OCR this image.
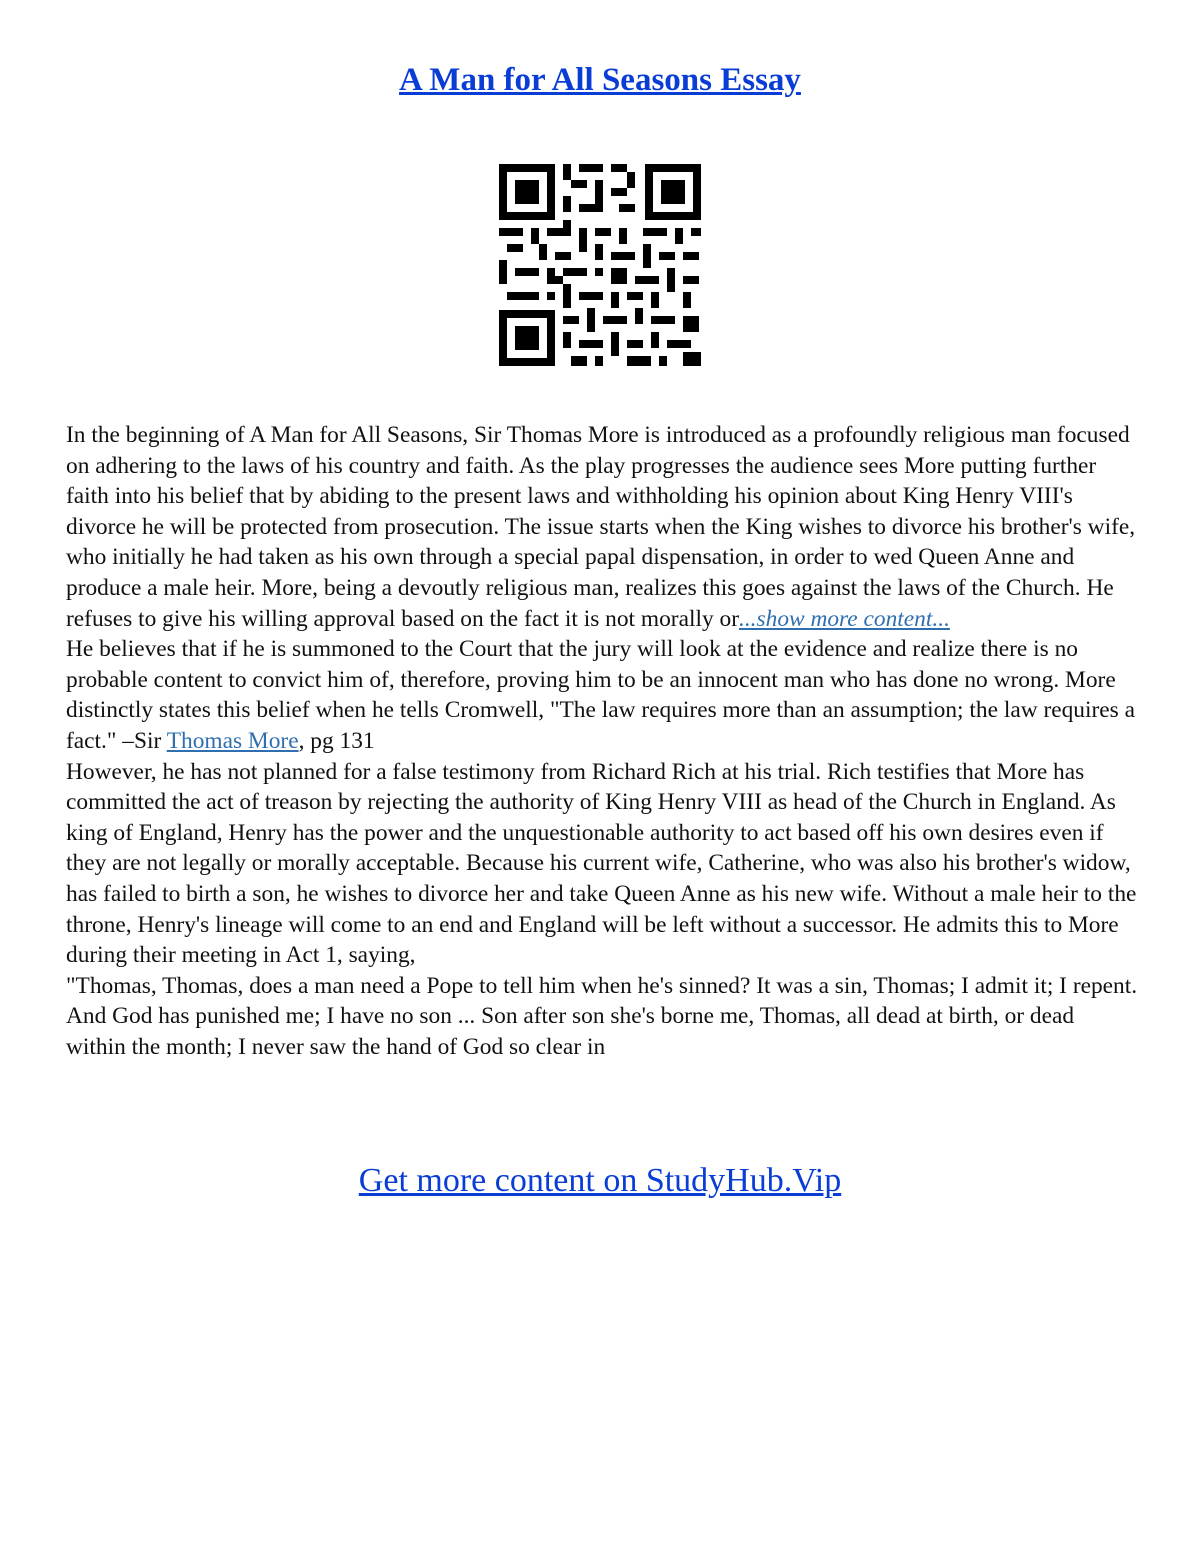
A Man for All Seasons Essay

In the beginning of A Man for All Seasons, Sir Thomas More is introduced as a profoundly religious man focused on adhering to the laws of his country and faith. As the play progresses the audience sees More putting further faith into his belief that by abiding to the present laws and withholding his opinion about King Henry VIII's divorce he will be protected from prosecution. The issue starts when the King wishes to divorce his brother's wife, who initially he had taken as his own through a special papal dispensation, in order to wed Queen Anne and produce a male heir. More, being a devoutly religious man, realizes this goes against the laws of the Church. He refuses to give his willing approval based on the fact it is not morally or...show more content...

He believes that if he is summoned to the Court that the jury will look at the evidence and realize there is no probable content to convict him of, therefore, proving him to be an innocent man who has done no wrong. More distinctly states this belief when he tells Cromwell, "The law requires more than an assumption; the law requires a fact." –Sir Thomas More, pg 131

However, he has not planned for a false testimony from Richard Rich at his trial. Rich testifies that More has committed the act of treason by rejecting the authority of King Henry VIII as head of the Church in England. As king of England, Henry has the power and the unquestionable authority to act based off his own desires even if they are not legally or morally acceptable. Because his current wife, Catherine, who was also his brother's widow, has failed to birth a son, he wishes to divorce her and take Queen Anne as his new wife. Without a male heir to the throne, Henry's lineage will come to an end and England will be left without a successor. He admits this to More during their meeting in Act 1, saying,

"Thomas, Thomas, does a man need a Pope to tell him when he's sinned? It was a sin, Thomas; I admit it; I repent. And God has punished me; I have no son ... Son after son she's borne me, Thomas, all dead at birth, or dead within the month; I never saw the hand of God so clear in

Get more content on StudyHub.Vip
